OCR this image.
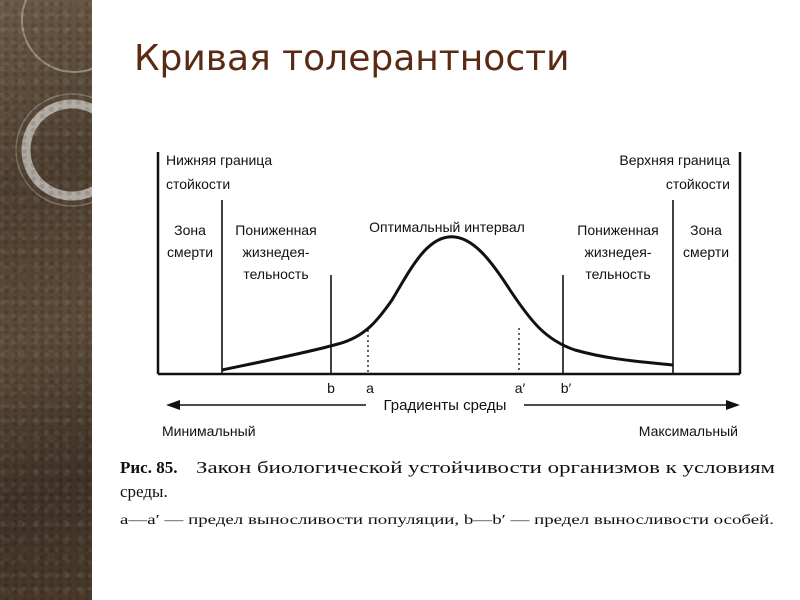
Кривая толерантности
Нижняя граница
стойкости
Верхняя граница
стойкости
Зона
смерти
Пониженная
жизнедея-
тельность
Оптимальный интервал	Пониженная
жизнедея-
тельность
Зона
смерти
b a	a′	b′
Градиенты среды
Минимальный	Максимальный
Рис. 85. Закон биологической устойчивости организмов к условиям
среды.
a—a′ — предел выносливости популяции, b—b′ — предел выносливости особей.
